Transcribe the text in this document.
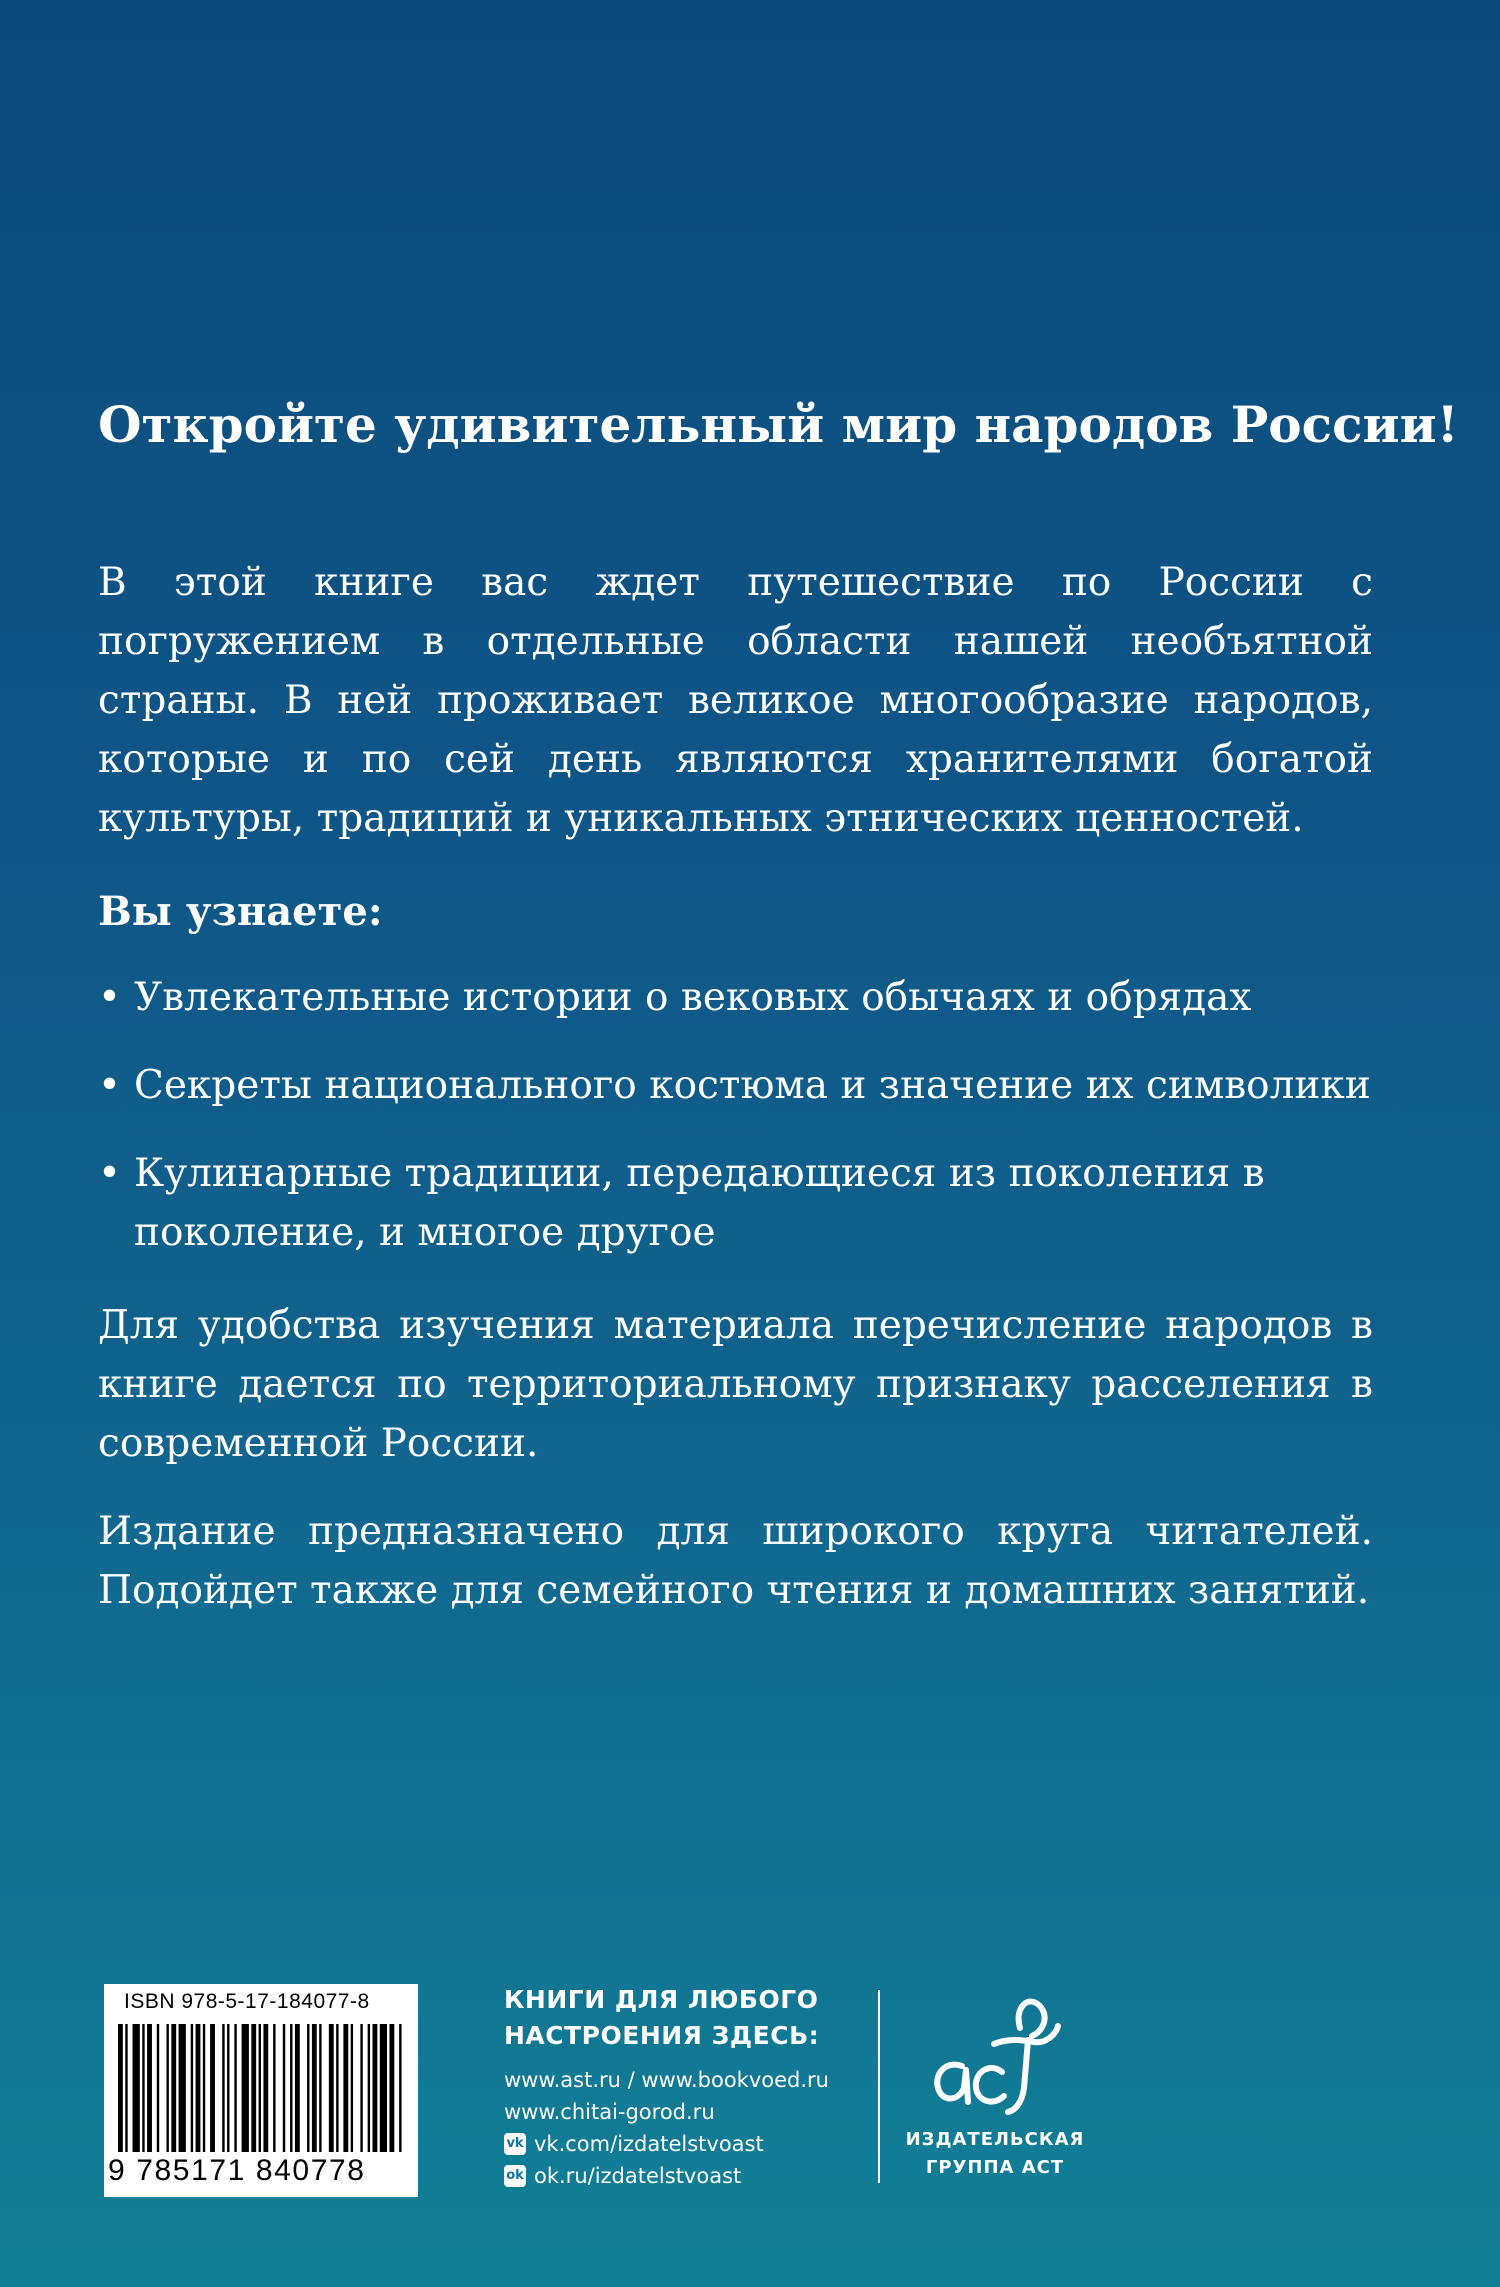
Откройте удивительный мир народов России!

В этой книге вас ждет путешествие по России с погружением в отдельные области нашей необъятной страны. В ней проживает великое многообразие народов, которые и по сей день являются хранителями богатой культуры, традиций и уникальных этнических ценностей.

Вы узнаете:

• Увлекательные истории о вековых обычаях и обрядах
• Секреты национального костюма и значение их символики
• Кулинарные традиции, передающиеся из поколения в поколение, и многое другое

Для удобства изучения материала перечисление народов в книге дается по территориальному признаку расселения в современной России.

Издание предназначено для широкого круга читателей. Подойдет также для семейного чтения и домашних занятий.

ISBN 978-5-17-184077-8
9 785171 840778
КНИГИ ДЛЯ ЛЮБОГО
НАСТРОЕНИЯ ЗДЕСЬ:
www.ast.ru / www.bookvoed.ru
www.chitai-gorod.ru
vk vk.com/izdatelstvoast
ok ok.ru/izdatelstvoast
ИЗДАТЕЛЬСКАЯ
ГРУППА АСТ
